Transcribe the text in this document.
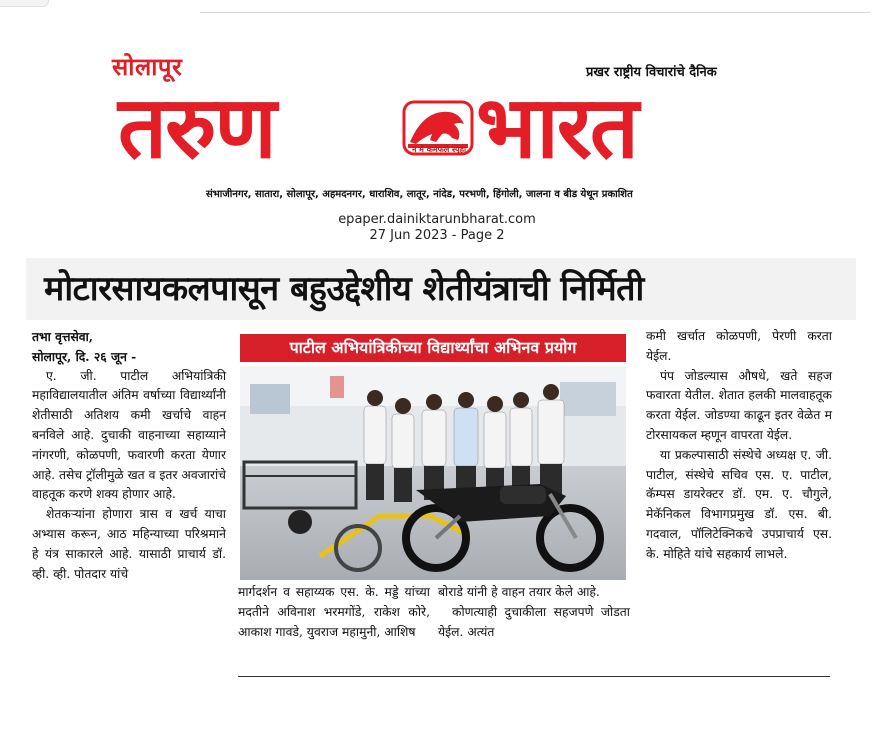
सोलापूर	प्रखर राष्ट्रीय विचारांचे दैनिक
तरुण	न मे कर्मफले स्पृहा भारत
संभाजीनगर, सातारा, सोलापूर, अहमदनगर, धाराशिव, लातूर, नांदेड, परभणी, हिंगोली, जालना व बीड येथून प्रकाशित
epaper.dainiktarunbharat.com
27 Jun 2023 - Page 2
मोटारसायकलपासून बहुउद्देशीय शेतीयंत्राची निर्मिती

तभा वृत्तसेवा,

सोलापूर, दि. २६ जून -

ए. जी. पाटील अभियांत्रिकी महाविद्यालयातील अंतिम वर्षाच्या विद्यार्थ्यांनी शेतीसाठी अतिशय कमी खर्चाचे वाहन बनविले आहे. दुचाकी वाहनाच्या सहाय्याने नांगरणी, कोळपणी, फवारणी करता येणार आहे. तसेच ट्रॉलीमुळे खत व इतर अवजारांचे वाहतूक करणे शक्य होणार आहे.

शेतकऱ्यांना होणारा त्रास व खर्च याचा अभ्यास करून, आठ महिन्याच्या परिश्रमाने हे यंत्र साकारले आहे. यासाठी प्राचार्य डॉ. व्ही. व्ही. पोतदार यांचे

पाटील अभियांत्रिकीच्या विद्यार्थ्यांचा अभिनव प्रयोग

मार्गदर्शन व सहाय्यक एस. के. मड्डे यांच्या मदतीने अविनाश भरमगोंडे, राकेश कोरे, आकाश गावडे, युवराज महामुनी, आशिष

बोराडे यांनी हे वाहन तयार केले आहे.

कोणत्याही दुचाकीला सहजपणे जोडता येईल. अत्यंत

कमी खर्चात कोळपणी, पेरणी करता येईल.

पंप जोडल्यास औषधे, खते सहज फवारता येतील. शेतात हलकी मालवाहतूक करता येईल. जोडण्या काढून इतर वेळेत म टोरसायकल म्हणून वापरता येईल.

या प्रकल्पासाठी संस्थेचे अध्यक्ष ए. जी. पाटील, संस्थेचे सचिव एस. ए. पाटील, कॅम्पस डायरेक्टर डॉ. एम. ए. चौगुले, मेकॅनिकल विभागप्रमुख डॉ. एस. बी. गदवाल, पॉलिटेक्निकचे उपप्राचार्य एस. के. मोहिते यांचे सहकार्य लाभले.
